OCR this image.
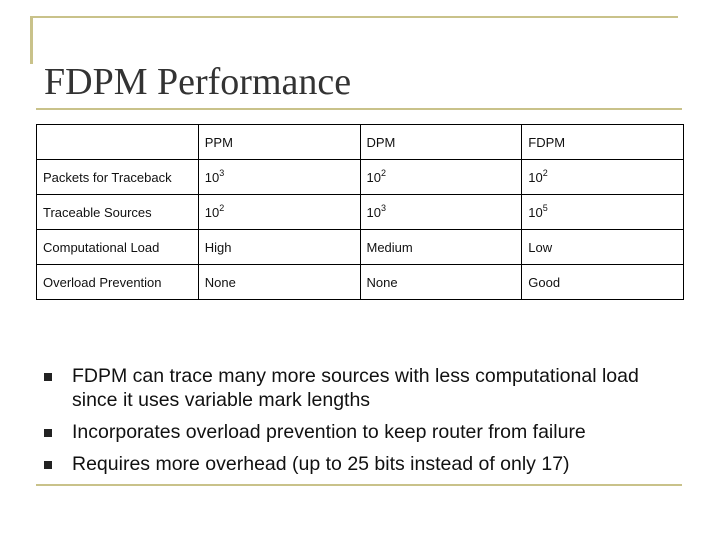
FDPM Performance
	PPM	DPM	FDPM
Packets for Traceback	$10^3$	$10^2$	$10^2$
Traceable Sources	$10^2$	$10^3$	$10^5$
Computational Load	High	Medium	Low
Overload Prevention	None	None	Good
FDPM can trace many more sources with less computational load since it uses variable mark lengths
Incorporates overload prevention to keep router from failure
Requires more overhead (up to 25 bits instead of only 17)
